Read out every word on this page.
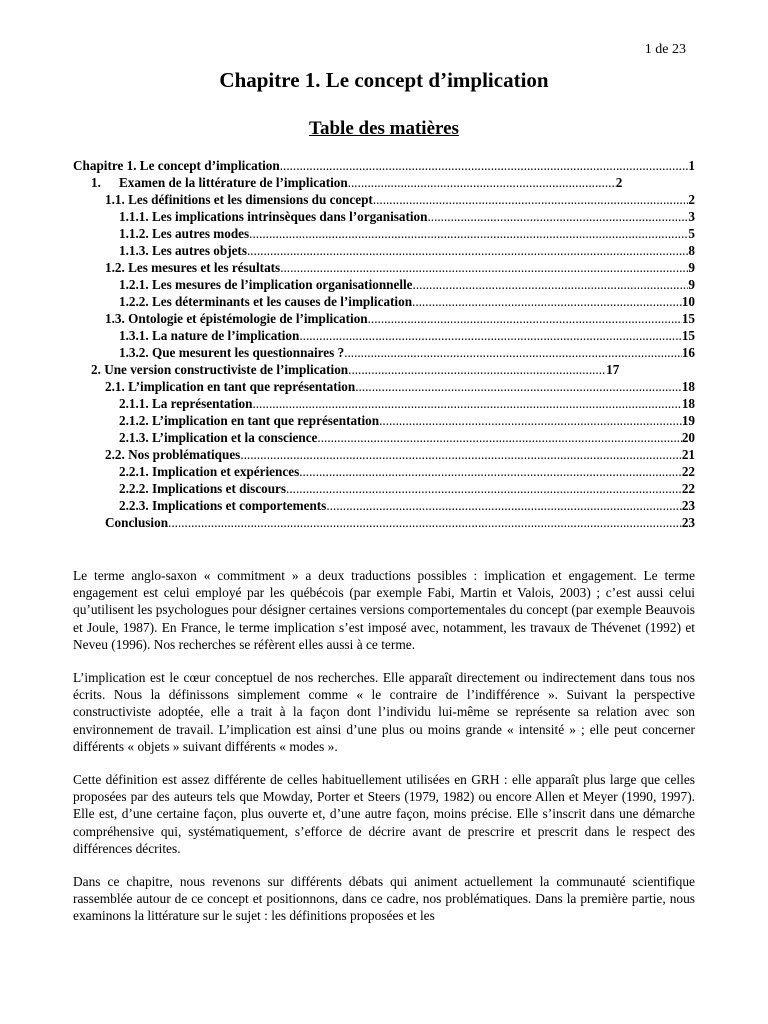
1 de 23
Chapitre 1. Le concept d’implication
Table des matières
Chapitre 1. Le concept d’implication .....	1
1. Examen de la littérature de l’implication .....	2
1.1. Les définitions et les dimensions du concept .....	2
1.1.1. Les implications intrinsèques dans l’organisation .....	3
1.1.2. Les autres modes .....	5
1.1.3. Les autres objets .....	8
1.2. Les mesures et les résultats .....	9
1.2.1. Les mesures de l’implication organisationnelle .....	9
1.2.2. Les déterminants et les causes de l’implication .....	10
1.3. Ontologie et épistémologie de l’implication .....	15
1.3.1. La nature de l’implication .....	15
1.3.2. Que mesurent les questionnaires ? .....	16
2. Une version constructiviste de l’implication .....	17
2.1. L’implication en tant que représentation .....	18
2.1.1. La représentation .....	18
2.1.2. L’implication en tant que représentation .....	19
2.1.3. L’implication et la conscience .....	20
2.2. Nos problématiques .....	21
2.2.1. Implication et expériences .....	22
2.2.2. Implications et discours .....	22
2.2.3. Implications et comportements .....	23
Conclusion .....	23

Le terme anglo-saxon « commitment » a deux traductions possibles : implication et engagement. Le terme engagement est celui employé par les québécois (par exemple Fabi, Martin et Valois, 2003) ; c’est aussi celui qu’utilisent les psychologues pour désigner certaines versions comportementales du concept (par exemple Beauvois et Joule, 1987). En France, le terme implication s’est imposé avec, notamment, les travaux de Thévenet (1992) et Neveu (1996). Nos recherches se réfèrent elles aussi à ce terme.

L’implication est le cœur conceptuel de nos recherches. Elle apparaît directement ou indirectement dans tous nos écrits. Nous la définissons simplement comme « le contraire de l’indifférence ». Suivant la perspective constructiviste adoptée, elle a trait à la façon dont l’individu lui-même se représente sa relation avec son environnement de travail. L’implication est ainsi d’une plus ou moins grande « intensité » ; elle peut concerner différents « objets » suivant différents « modes ».

Cette définition est assez différente de celles habituellement utilisées en GRH : elle apparaît plus large que celles proposées par des auteurs tels que Mowday, Porter et Steers (1979, 1982) ou encore Allen et Meyer (1990, 1997). Elle est, d’une certaine façon, plus ouverte et, d’une autre façon, moins précise. Elle s’inscrit dans une démarche compréhensive qui, systématiquement, s’efforce de décrire avant de prescrire et prescrit dans le respect des différences décrites.

Dans ce chapitre, nous revenons sur différents débats qui animent actuellement la communauté scientifique rassemblée autour de ce concept et positionnons, dans ce cadre, nos problématiques. Dans la première partie, nous examinons la littérature sur le sujet : les définitions proposées et les
